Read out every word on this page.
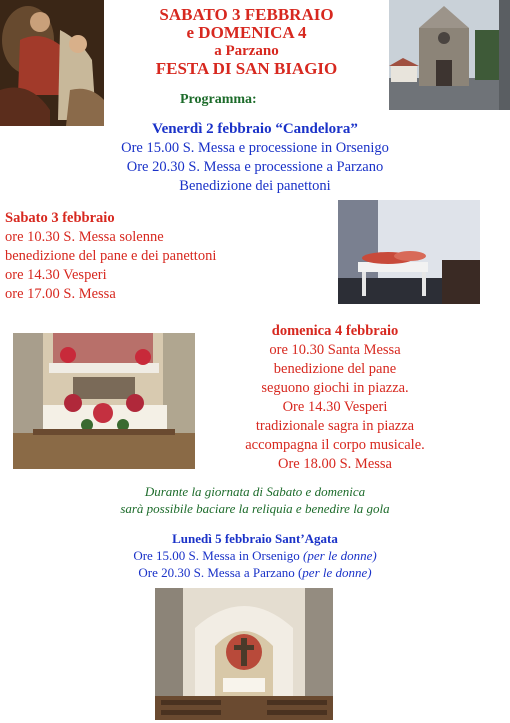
SABATO 3 FEBBRAIO
e DOMENICA 4
a Parzano
FESTA DI SAN BIAGIO
Programma:
Venerdì 2 febbraio “Candelora”
Ore 15.00 S. Messa e processione in Orsenigo
Ore 20.30 S. Messa e processione a Parzano
Benedizione dei panettoni
Sabato 3 febbraio
ore 10.30 S. Messa solenne
benedizione del pane e dei panettoni
ore 14.30 Vesperi
ore 17.00 S. Messa
domenica 4 febbraio
ore 10.30 Santa Messa
benedizione del pane
seguono giochi in piazza.
Ore 14.30 Vesperi
tradizionale sagra in piazza
accompagna il corpo musicale.
Ore 18.00 S. Messa
Durante la giornata di Sabato e domenica
sarà possibile baciare la reliquia e benedire la gola
Lunedì 5 febbraio Sant’Agata
Ore 15.00 S. Messa in Orsenigo (per le donne)
Ore 20.30 S. Messa a Parzano (per le donne)
